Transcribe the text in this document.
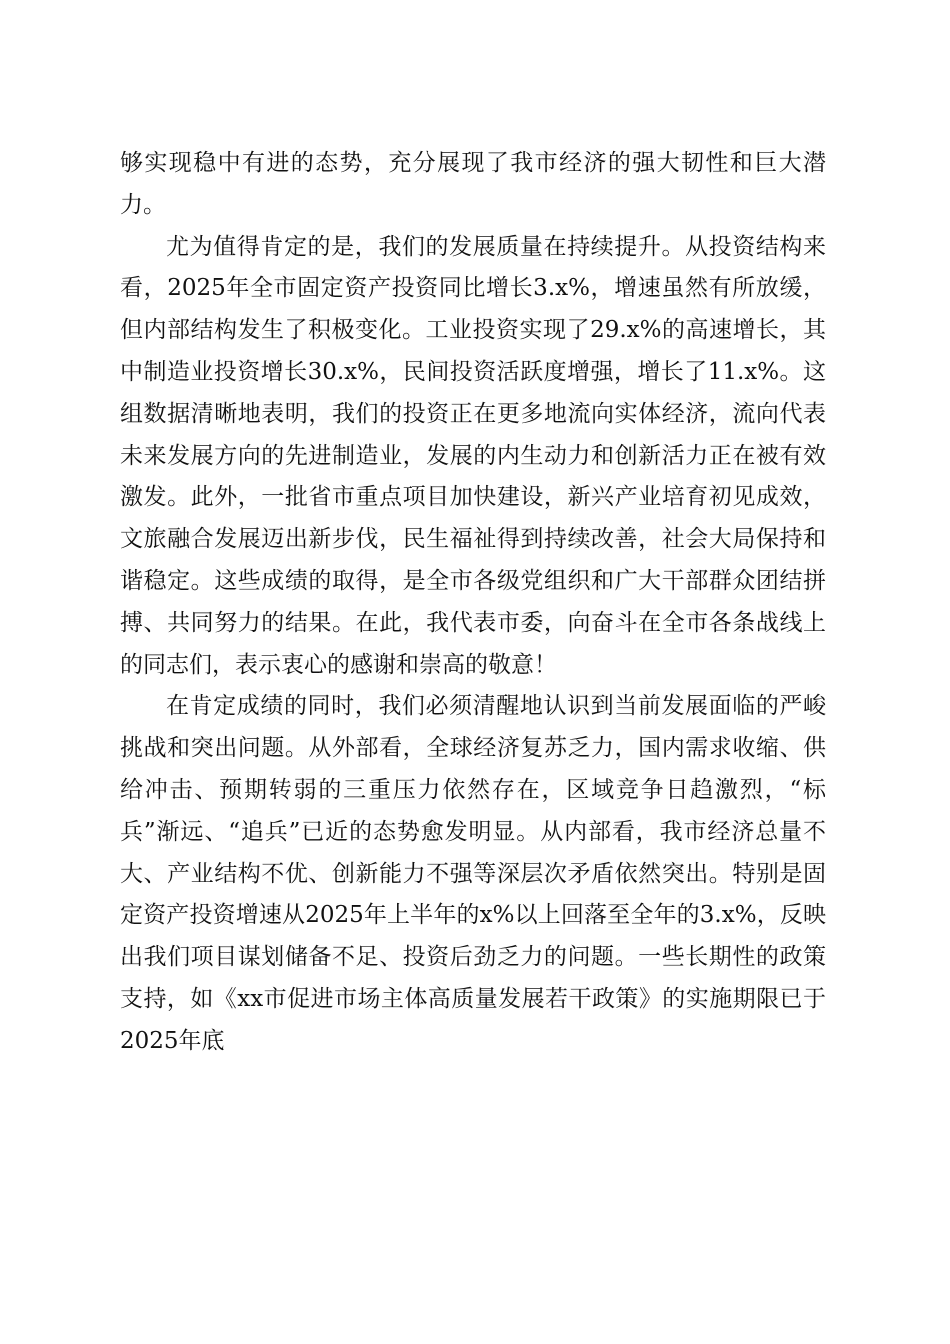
够实现稳中有进的态势，充分展现了我市经济的强大韧性和巨大潜力。

尤为值得肯定的是，我们的发展质量在持续提升。从投资结构来看，2025年全市固定资产投资同比增长3.x%，增速虽然有所放缓，但内部结构发生了积极变化。工业投资实现了29.x%的高速增长，其中制造业投资增长30.x%，民间投资活跃度增强，增长了11.x%。这组数据清晰地表明，我们的投资正在更多地流向实体经济，流向代表未来发展方向的先进制造业，发展的内生动力和创新活力正在被有效激发。此外，一批省市重点项目加快建设，新兴产业培育初见成效，文旅融合发展迈出新步伐，民生福祉得到持续改善，社会大局保持和谐稳定。这些成绩的取得，是全市各级党组织和广大干部群众团结拼搏、共同努力的结果。在此，我代表市委，向奋斗在全市各条战线上的同志们，表示衷心的感谢和崇高的敬意！

在肯定成绩的同时，我们必须清醒地认识到当前发展面临的严峻挑战和突出问题。从外部看，全球经济复苏乏力，国内需求收缩、供给冲击、预期转弱的三重压力依然存在，区域竞争日趋激烈，“标兵”渐远、“追兵”已近的态势愈发明显。从内部看，我市经济总量不大、产业结构不优、创新能力不强等深层次矛盾依然突出。特别是固定资产投资增速从2025年上半年的x%以上回落至全年的3.x%，反映出我们项目谋划储备不足、投资后劲乏力的问题。一些长期性的政策支持，如《xx市促进市场主体高质量发展若干政策》的实施期限已于2025年底
